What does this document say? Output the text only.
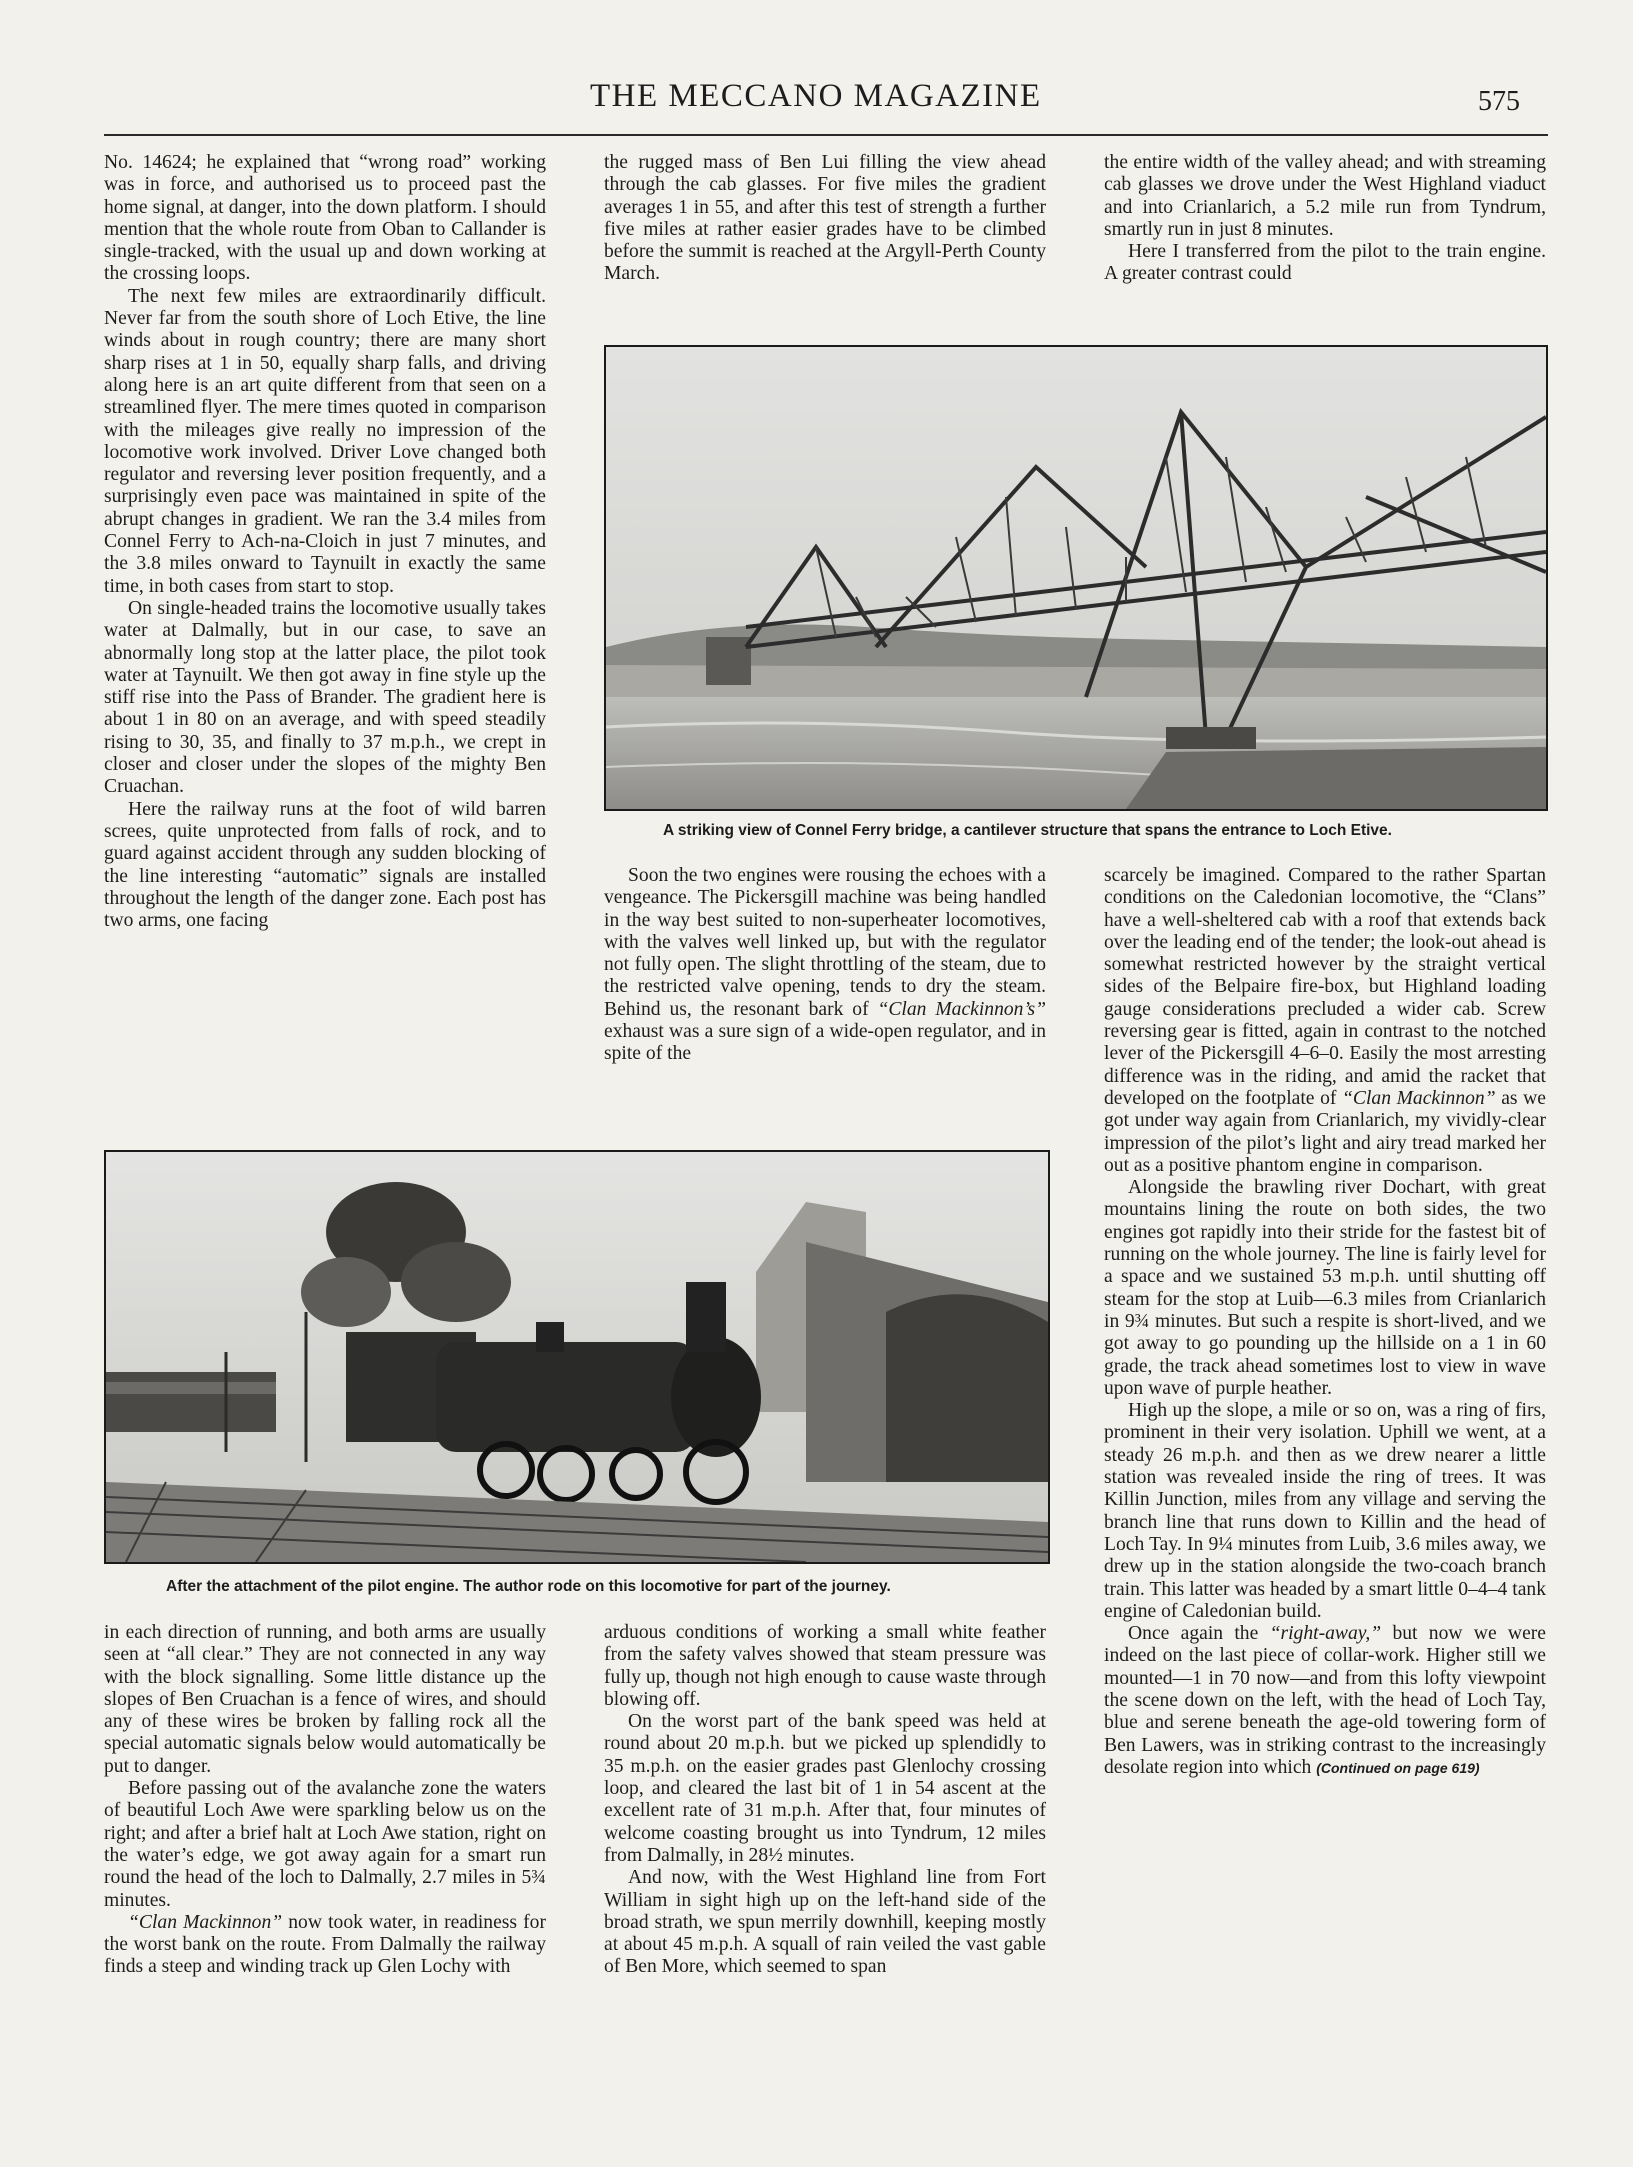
THE MECCANO MAGAZINE	575

No. 14624; he explained that “wrong road” working was in force, and authorised us to proceed past the home signal, at danger, into the down platform. I should mention that the whole route from Oban to Callander is single-tracked, with the usual up and down working at the crossing loops.

The next few miles are extraordinarily difficult. Never far from the south shore of Loch Etive, the line winds about in rough country; there are many short sharp rises at 1 in 50, equally sharp falls, and driving along here is an art quite different from that seen on a streamlined flyer. The mere times quoted in comparison with the mileages give really no impression of the locomotive work involved. Driver Love changed both regulator and reversing lever position frequently, and a surprisingly even pace was maintained in spite of the abrupt changes in gradient. We ran the 3.4 miles from Connel Ferry to Ach-na-Cloich in just 7 minutes, and the 3.8 miles onward to Taynuilt in exactly the same time, in both cases from start to stop.

On single-headed trains the locomotive usually takes water at Dalmally, but in our case, to save an abnormally long stop at the latter place, the pilot took water at Taynuilt. We then got away in fine style up the stiff rise into the Pass of Brander. The gradient here is about 1 in 80 on an average, and with speed steadily rising to 30, 35, and finally to 37 m.p.h., we crept in closer and closer under the slopes of the mighty Ben Cruachan.

Here the railway runs at the foot of wild barren screes, quite unprotected from falls of rock, and to guard against accident through any sudden blocking of the line interesting “automatic” signals are installed throughout the length of the danger zone. Each post has two arms, one facing

the rugged mass of Ben Lui filling the view ahead through the cab glasses. For five miles the gradient averages 1 in 55, and after this test of strength a further five miles at rather easier grades have to be climbed before the summit is reached at the Argyll-Perth County March.

the entire width of the valley ahead; and with streaming cab glasses we drove under the West Highland viaduct and into Crianlarich, a 5.2 mile run from Tyndrum, smartly run in just 8 minutes.

Here I transferred from the pilot to the train engine. A greater contrast could

A striking view of Connel Ferry bridge, a cantilever structure that spans the entrance to Loch Etive.

Soon the two engines were rousing the echoes with a vengeance. The Pickersgill machine was being handled in the way best suited to non-superheater locomotives, with the valves well linked up, but with the regulator not fully open. The slight throttling of the steam, due to the restricted valve opening, tends to dry the steam. Behind us, the resonant bark of “Clan Mackinnon’s” exhaust was a sure sign of a wide-open regulator, and in spite of the

scarcely be imagined. Compared to the rather Spartan conditions on the Caledonian locomotive, the “Clans” have a well-sheltered cab with a roof that extends back over the leading end of the tender; the look-out ahead is somewhat restricted however by the straight vertical sides of the Belpaire fire-box, but Highland loading gauge considerations precluded a wider cab. Screw reversing gear is fitted, again in contrast to the notched lever of the Pickersgill 4–6–0. Easily the most arresting difference was in the riding, and amid the racket that developed on the footplate of “Clan Mackinnon” as we got under way again from Crianlarich, my vividly-clear impression of the pilot’s light and airy tread marked her out as a positive phantom engine in comparison.

Alongside the brawling river Dochart, with great mountains lining the route on both sides, the two engines got rapidly into their stride for the fastest bit of running on the whole journey. The line is fairly level for a space and we sustained 53 m.p.h. until shutting off steam for the stop at Luib—6.3 miles from Crianlarich in 9¾ minutes. But such a respite is short-lived, and we got away to go pounding up the hillside on a 1 in 60 grade, the track ahead sometimes lost to view in wave upon wave of purple heather.

High up the slope, a mile or so on, was a ring of firs, prominent in their very isolation. Uphill we went, at a steady 26 m.p.h. and then as we drew nearer a little station was revealed inside the ring of trees. It was Killin Junction, miles from any village and serving the branch line that runs down to Killin and the head of Loch Tay. In 9¼ minutes from Luib, 3.6 miles away, we drew up in the station alongside the two-coach branch train. This latter was headed by a smart little 0–4–4 tank engine of Caledonian build.

Once again the “right-away,” but now we were indeed on the last piece of collar-work. Higher still we mounted—1 in 70 now—and from this lofty viewpoint the scene down on the left, with the head of Loch Tay, blue and serene beneath the age-old towering form of Ben Lawers, was in striking contrast to the increasingly desolate region into which (Continued on page 619)

After the attachment of the pilot engine. The author rode on this locomotive for part of the journey.

in each direction of running, and both arms are usually seen at “all clear.” They are not connected in any way with the block signalling. Some little distance up the slopes of Ben Cruachan is a fence of wires, and should any of these wires be broken by falling rock all the special automatic signals below would automatically be put to danger.

Before passing out of the avalanche zone the waters of beautiful Loch Awe were sparkling below us on the right; and after a brief halt at Loch Awe station, right on the water’s edge, we got away again for a smart run round the head of the loch to Dalmally, 2.7 miles in 5¾ minutes.

“Clan Mackinnon” now took water, in readiness for the worst bank on the route. From Dalmally the railway finds a steep and winding track up Glen Lochy with

arduous conditions of working a small white feather from the safety valves showed that steam pressure was fully up, though not high enough to cause waste through blowing off.

On the worst part of the bank speed was held at round about 20 m.p.h. but we picked up splendidly to 35 m.p.h. on the easier grades past Glenlochy crossing loop, and cleared the last bit of 1 in 54 ascent at the excellent rate of 31 m.p.h. After that, four minutes of welcome coasting brought us into Tyndrum, 12 miles from Dalmally, in 28½ minutes.

And now, with the West Highland line from Fort William in sight high up on the left-hand side of the broad strath, we spun merrily downhill, keeping mostly at about 45 m.p.h. A squall of rain veiled the vast gable of Ben More, which seemed to span
